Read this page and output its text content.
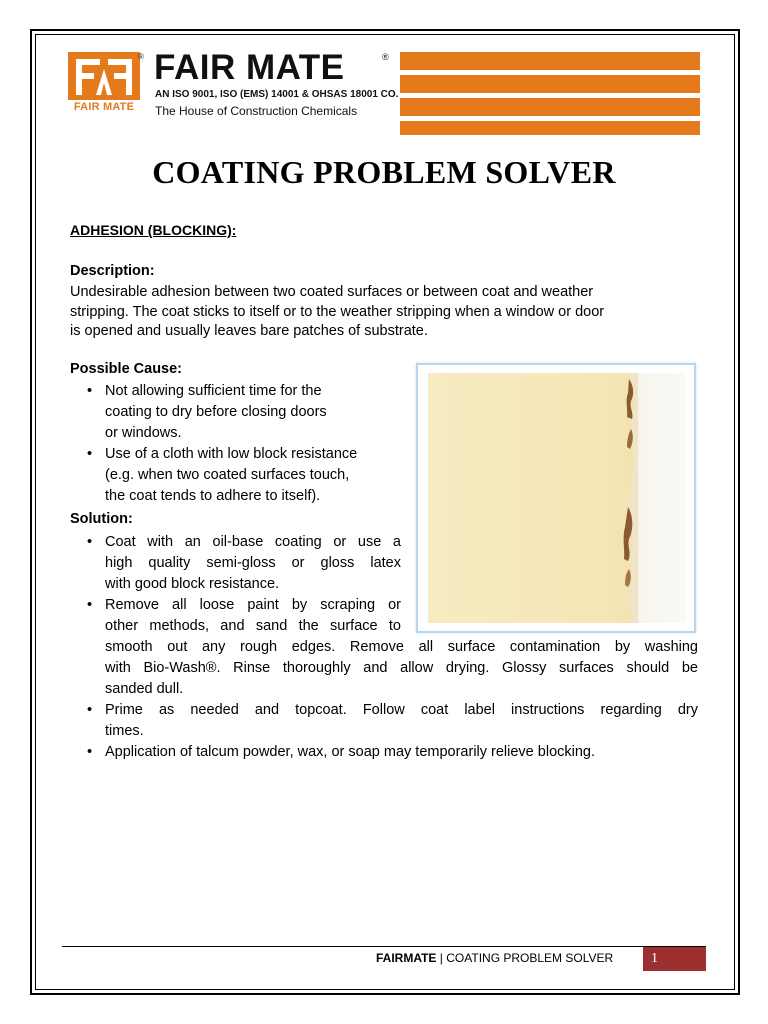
FAIR MATE
® FAIR MATE	®
AN ISO 9001, ISO (EMS) 14001 & OHSAS 18001 CO.
The House of Construction Chemicals
COATING PROBLEM SOLVER
ADHESION (BLOCKING):
Description:
Undesirable adhesion between two coated surfaces or between coat and weather
stripping. The coat sticks to itself or to the weather stripping when a window or door
is opened and usually leaves bare patches of substrate.
Possible Cause:
• Not allowing sufficient time for the
coating to dry before closing doors
or windows.
• Use of a cloth with low block resistance
(e.g. when two coated surfaces touch,
the coat tends to adhere to itself).
Solution:
• Coat with an oil-base coating or use a
high quality semi-gloss or gloss latex
with good block resistance.
• Remove all loose paint by scraping or
other methods, and sand the surface to
smooth out any rough edges. Remove all surface contamination by washing
with Bio-Wash®. Rinse thoroughly and allow drying. Glossy surfaces should be
sanded dull.
• Prime as needed and topcoat. Follow coat label instructions regarding dry
times.
• Application of talcum powder, wax, or soap may temporarily relieve blocking.
FAIRMATE | COATING PROBLEM SOLVER	1
